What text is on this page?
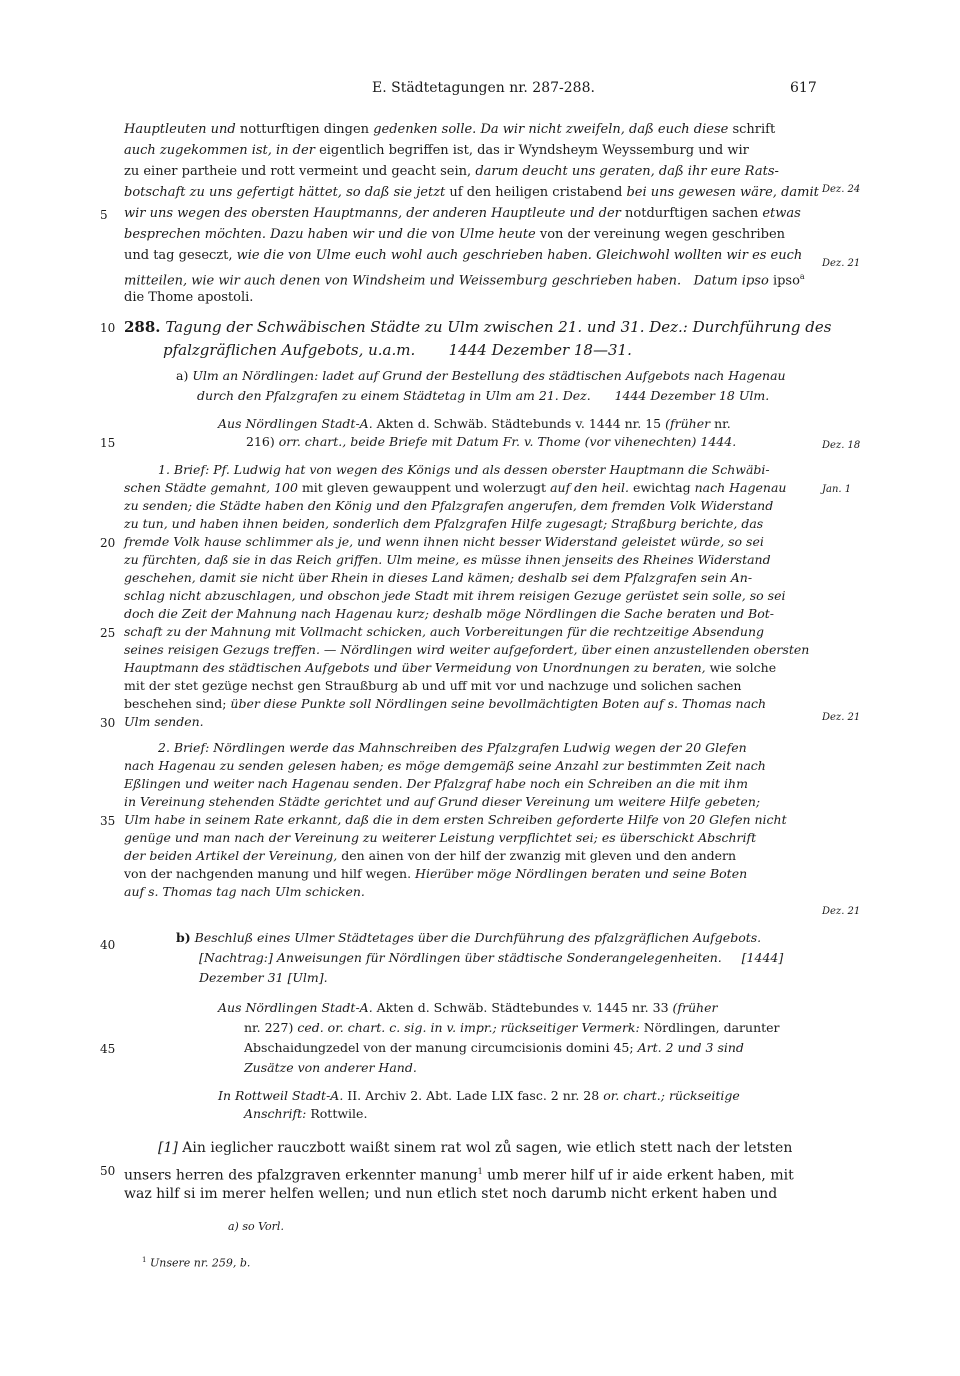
E. Städtetagungen nr. 287-288.	617
Hauptleuten und notturftigen dingen gedenken solle. Da wir nicht zweifeln, daß euch diese schrift
auch zugekommen ist, in der eigentlich begriffen ist, das ir Wyndsheym Weyssemburg und wir
zu einer partheie und rott vermeint und geacht sein, darum deucht uns geraten, daß ihr eure Rats-
botschaft zu uns gefertigt hättet, so daß sie jetzt uf den heiligen cristabend bei uns gewesen wäre, damit
wir uns wegen des obersten Hauptmanns, der anderen Hauptleute und der notdurftigen sachen etwas
besprechen möchten. Dazu haben wir und die von Ulme heute von der vereinung wegen geschriben
und tag geseczt, wie die von Ulme euch wohl auch geschrieben haben. Gleichwohl wollten wir es euch
mitteilen, wie wir auch denen von Windsheim und Weissemburg geschrieben haben. Datum ipso ipso$^a$
die Thome apostoli.
288. Tagung der Schwäbischen Städte zu Ulm zwischen 21. und 31. Dez.: Durchführung des
pfalzgräflichen Aufgebots, u.a.m. 1444 Dezember 18—31.
a) Ulm an Nördlingen: ladet auf Grund der Bestellung des städtischen Aufgebots nach Hagenau
durch den Pfalzgrafen zu einem Städtetag in Ulm am 21. Dez. 1444 Dezember 18 Ulm.
Aus Nördlingen Stadt-A. Akten d. Schwäb. Städtebunds v. 1444 nr. 15 (früher nr.
216) orr. chart., beide Briefe mit Datum Fr. v. Thome (vor vihenechten) 1444.
1. Brief: Pf. Ludwig hat von wegen des Königs und als dessen oberster Hauptmann die Schwäbi-
schen Städte gemahnt, 100 mit gleven gewauppent und wolerzugt auf den heil. ewichtag nach Hagenau
zu senden; die Städte haben den König und den Pfalzgrafen angerufen, dem fremden Volk Widerstand
zu tun, und haben ihnen beiden, sonderlich dem Pfalzgrafen Hilfe zugesagt; Straßburg berichte, das
fremde Volk hause schlimmer als je, und wenn ihnen nicht besser Widerstand geleistet würde, so sei
zu fürchten, daß sie in das Reich griffen. Ulm meine, es müsse ihnen jenseits des Rheines Widerstand
geschehen, damit sie nicht über Rhein in dieses Land kämen; deshalb sei dem Pfalzgrafen sein An-
schlag nicht abzuschlagen, und obschon jede Stadt mit ihrem reisigen Gezuge gerüstet sein solle, so sei
doch die Zeit der Mahnung nach Hagenau kurz; deshalb möge Nördlingen die Sache beraten und Bot-
schaft zu der Mahnung mit Vollmacht schicken, auch Vorbereitungen für die rechtzeitige Absendung
seines reisigen Gezugs treffen. — Nördlingen wird weiter aufgefordert, über einen anzustellenden obersten
Hauptmann des städtischen Aufgebots und über Vermeidung von Unordnungen zu beraten, wie solche
mit der stet gezüge nechst gen Straußburg ab und uff mit vor und nachzuge und solichen sachen
beschehen sind; über diese Punkte soll Nördlingen seine bevollmächtigten Boten auf s. Thomas nach
Ulm senden.
2. Brief: Nördlingen werde das Mahnschreiben des Pfalzgrafen Ludwig wegen der 20 Glefen
nach Hagenau zu senden gelesen haben; es möge demgemäß seine Anzahl zur bestimmten Zeit nach
Eßlingen und weiter nach Hagenau senden. Der Pfalzgraf habe noch ein Schreiben an die mit ihm
in Vereinung stehenden Städte gerichtet und auf Grund dieser Vereinung um weitere Hilfe gebeten;
Ulm habe in seinem Rate erkannt, daß die in dem ersten Schreiben geforderte Hilfe von 20 Glefen nicht
genüge und man nach der Vereinung zu weiterer Leistung verpflichtet sei; es überschickt Abschrift
der beiden Artikel der Vereinung, den ainen von der hilf der zwanzig mit gleven und den andern
von der nachgenden manung und hilf wegen. Hierüber möge Nördlingen beraten und seine Boten
auf s. Thomas tag nach Ulm schicken.
b) Beschluß eines Ulmer Städtetages über die Durchführung des pfalzgräflichen Aufgebots.
[Nachtrag:] Anweisungen für Nördlingen über städtische Sonderangelegenheiten. [1444]
Dezember 31 [Ulm].
Aus Nördlingen Stadt-A. Akten d. Schwäb. Städtebundes v. 1445 nr. 33 (früher
nr. 227) ced. or. chart. c. sig. in v. impr.; rückseitiger Vermerk: Nördlingen, darunter
Abschaidungzedel von der manung circumcisionis domini 45; Art. 2 und 3 sind
Zusätze von anderer Hand.
In Rottweil Stadt-A. II. Archiv 2. Abt. Lade LIX fasc. 2 nr. 28 or. chart.; rückseitige
Anschrift: Rottwile.
[1] Ain ieglicher rauczbott waißt sinem rat wol zů sagen, wie etlich stett nach der letsten
unsers herren des pfalzgraven erkennter manung$^1$ umb merer hilf uf ir aide erkent haben, mit
waz hilf si im merer helfen wellen; und nun etlich stet noch darumb nicht erkent haben und
a) so Vorl.
$^1$ Unsere nr. 259, b.
5
10
15
20
25
30
35
40
45
50
Dez. 24
Dez. 21
Dez. 18
Jan. 1
Dez. 21
Dez. 21
